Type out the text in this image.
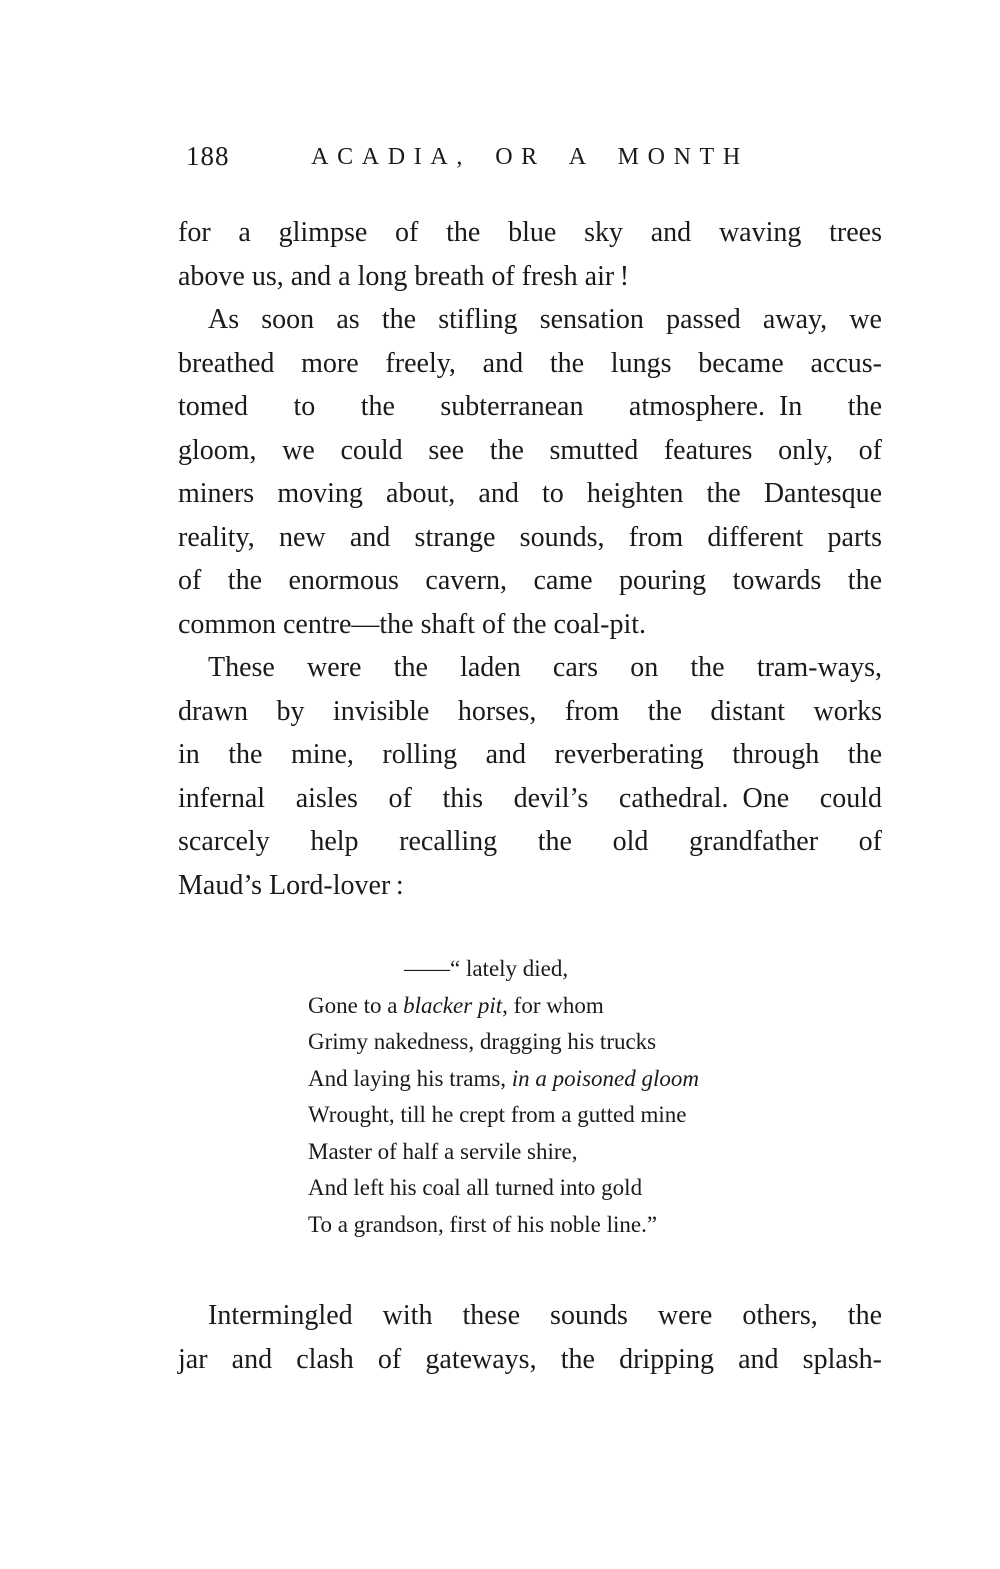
188	ACADIA, OR A MONTH
for a glimpse of the blue sky and waving trees
above us, and a long breath of fresh air !
As soon as the stifling sensation passed away, we
breathed more freely, and the lungs became accus-
tomed to the subterranean atmosphere. In the
gloom, we could see the smutted features only, of
miners moving about, and to heighten the Dantesque
reality, new and strange sounds, from different parts
of the enormous cavern, came pouring towards the
common centre—the shaft of the coal-pit.
These were the laden cars on the tram-ways,
drawn by invisible horses, from the distant works
in the mine, rolling and reverberating through the
infernal aisles of this devil’s cathedral. One could
scarcely help recalling the old grandfather of
Maud’s Lord-lover :
——“ lately died,
Gone to a blacker pit, for whom
Grimy nakedness, dragging his trucks
And laying his trams, in a poisoned gloom
Wrought, till he crept from a gutted mine
Master of half a servile shire,
And left his coal all turned into gold
To a grandson, first of his noble line.”
Intermingled with these sounds were others, the
jar and clash of gateways, the dripping and splash-
